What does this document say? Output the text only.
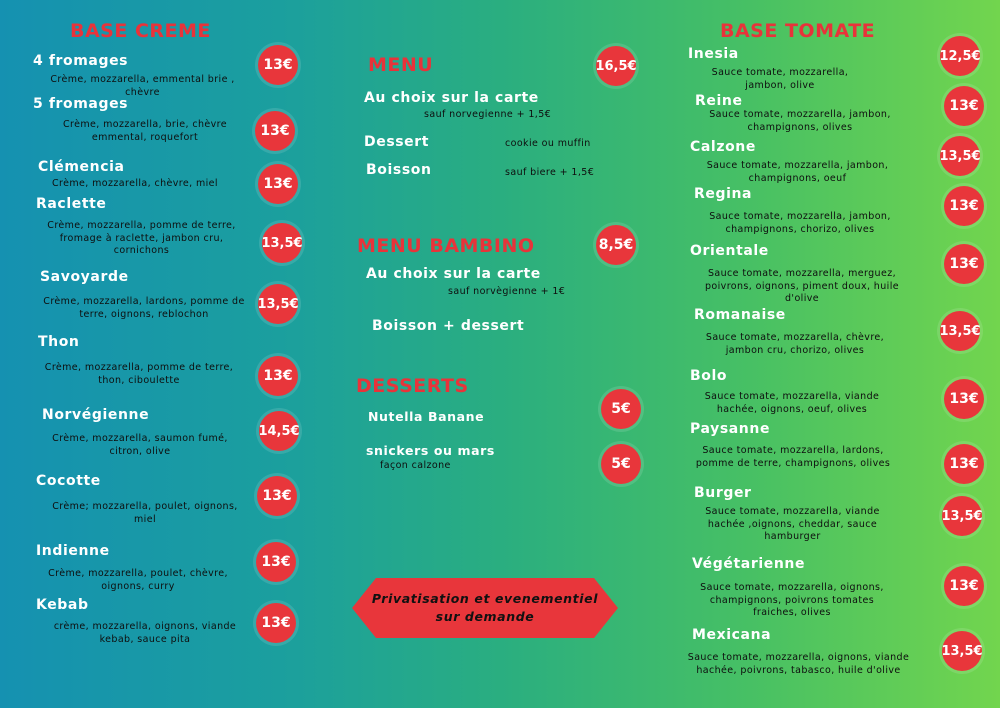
BASE CREME
4 fromages
Crème, mozzarella, emmental brie , chèvre
13€
5 fromages
Crème, mozzarella, brie, chèvre emmental, roquefort	13€
Clémencia
Crème, mozzarella, chèvre, miel	13€
Raclette
Crème, mozzarella, pomme de terre, fromage à raclette, jambon cru, cornichons	13,5€
Savoyarde
Crème, mozzarella, lardons, pomme de terre, oignons, reblochon
13,5€
Thon
Crème, mozzarella, pomme de terre, thon, ciboulette	13€
Norvégienne
Crème, mozzarella, saumon fumé, citron, olive
14,5€
Cocotte
Crème; mozzarella, poulet, oignons, miel
13€
Indienne
Crème, mozzarella, poulet, chèvre, oignons, curry
13€
Kebab
crème, mozzarella, oignons, viande kebab, sauce pita
13€
MENU	16,5€
Au choix sur la carte
sauf norvegienne + 1,5€
Dessert	cookie ou muffin
Boisson	sauf biere + 1,5€
MENU BAMBINO	8,5€
Au choix sur la carte
sauf norvègienne + 1€
Boisson + dessert
DESSERTS
Nutella Banane	5€
snickers ou mars
façon calzone	5€
Privatisation et evenementiel
sur demande
BASE TOMATE
Inesia
Sauce tomate, mozzarella, jambon, olive
12,5€
Reine
Sauce tomate, mozzarella, jambon, champignons, olives
13€
Calzone
Sauce tomate, mozzarella, jambon, champignons, oeuf
13,5€
Regina
Sauce tomate, mozzarella, jambon, champignons, chorizo, olives
13€
Orientale
Sauce tomate, mozzarella, merguez, poivrons, oignons, piment doux, huile d'olive
13€
Romanaise
Sauce tomate, mozzarella, chèvre, jambon cru, chorizo, olives
13,5€
Bolo
Sauce tomate, mozzarella, viande hachée, oignons, oeuf, olives
13€
Paysanne
Sauce tomate, mozzarella, lardons, pomme de terre, champignons, olives	13€
Burger
Sauce tomate, mozzarella, viande hachée ,oignons, cheddar, sauce hamburger
13,5€
Végétarienne
Sauce tomate, mozzarella, oignons, champignons, poivrons tomates fraiches, olives
13€
Mexicana
Sauce tomate, mozzarella, oignons, viande hachée, poivrons, tabasco, huile d'olive
13,5€
